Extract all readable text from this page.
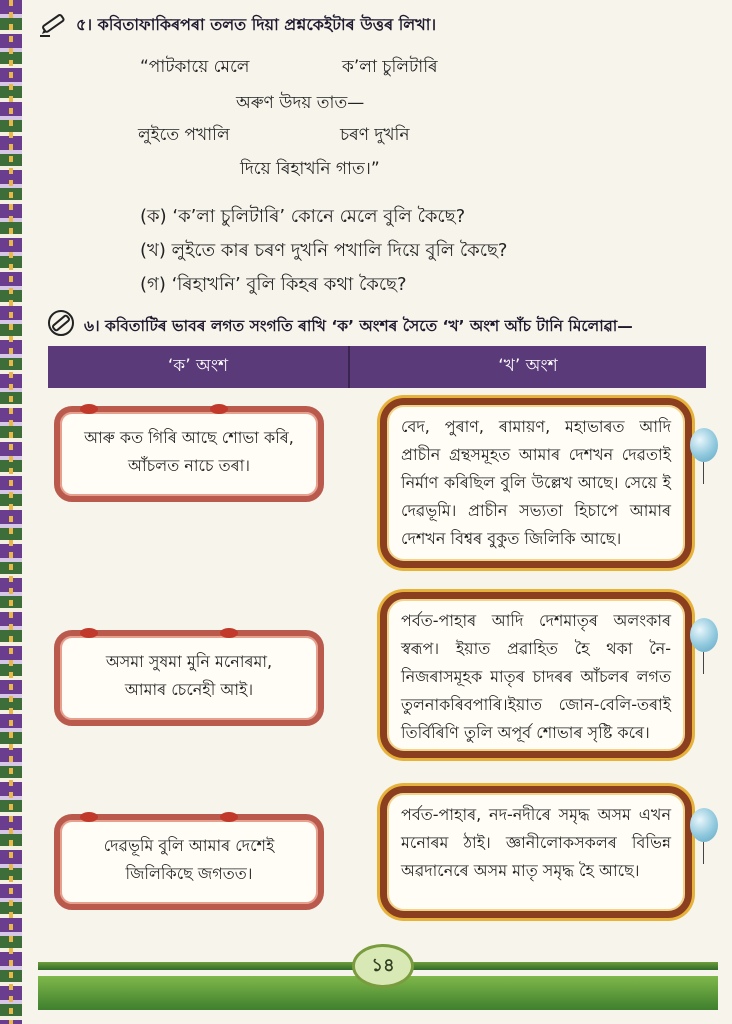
৫। কবিতাফাকিৰপৰা তলত দিয়া প্ৰশ্নকেইটাৰ উত্তৰ লিখা।
“পাটকায়ে মেলে	ক’লা চুলিটাৰি
অৰুণ উদয় তাত—
লুইতে পখালি	চৰণ দুখনি
দিয়ে ৰিহাখনি গাত।”
(ক) ‘ক’লা চুলিটাৰি’ কোনে মেলে বুলি কৈছে?
(খ) লুইতে কাৰ চৰণ দুখনি পখালি দিয়ে বুলি কৈছে?
(গ) ‘ৰিহাখনি’ বুলি কিহৰ কথা কৈছে?
৬। কবিতাটিৰ ভাবৰ লগত সংগতি ৰাখি ‘ক’ অংশৰ সৈতে ‘খ’ অংশ আঁচ টানি মিলোৱা—
‘ক’ অংশ	‘খ’ অংশ
আৰু কত গিৰি আছে শোভা কৰি,
আঁচলত নাচে তৰা।
অসমা সুষমা মুনি মনোৰমা,
আমাৰ চেনেহী আই।
দেৱভূমি বুলি আমাৰ দেশেই
জিলিকিছে জগতত।
বেদ, পুৰাণ, ৰামায়ণ, মহাভাৰত আদি প্ৰাচীন গ্ৰন্থসমূহত আমাৰ দেশখন দেৱতাই নিৰ্মাণ কৰিছিল বুলি উল্লেখ আছে। সেয়ে ই দেৱভূমি। প্ৰাচীন সভ্যতা হিচাপে আমাৰ দেশখন বিশ্বৰ বুকুত জিলিকি আছে।
পৰ্বত-পাহাৰ আদি দেশমাতৃৰ অলংকাৰ স্বৰূপ। ইয়াত প্ৰৱাহিত হৈ থকা নৈ-নিজৰাসমূহক মাতৃৰ চাদৰৰ আঁচলৰ লগত তুলনাকৰিবপাৰি।ইয়াত জোন-বেলি-তৰাই তিৰ্বিৰিণি তুলি অপূৰ্ব শোভাৰ সৃষ্টি কৰে।
পৰ্বত-পাহাৰ, নদ-নদীৰে সমৃদ্ধ অসম এখন মনোৰম ঠাই। জ্ঞানীলোকসকলৰ বিভিন্ন অৱদানেৰে অসম মাতৃ সমৃদ্ধ হৈ আছে।
১৪
